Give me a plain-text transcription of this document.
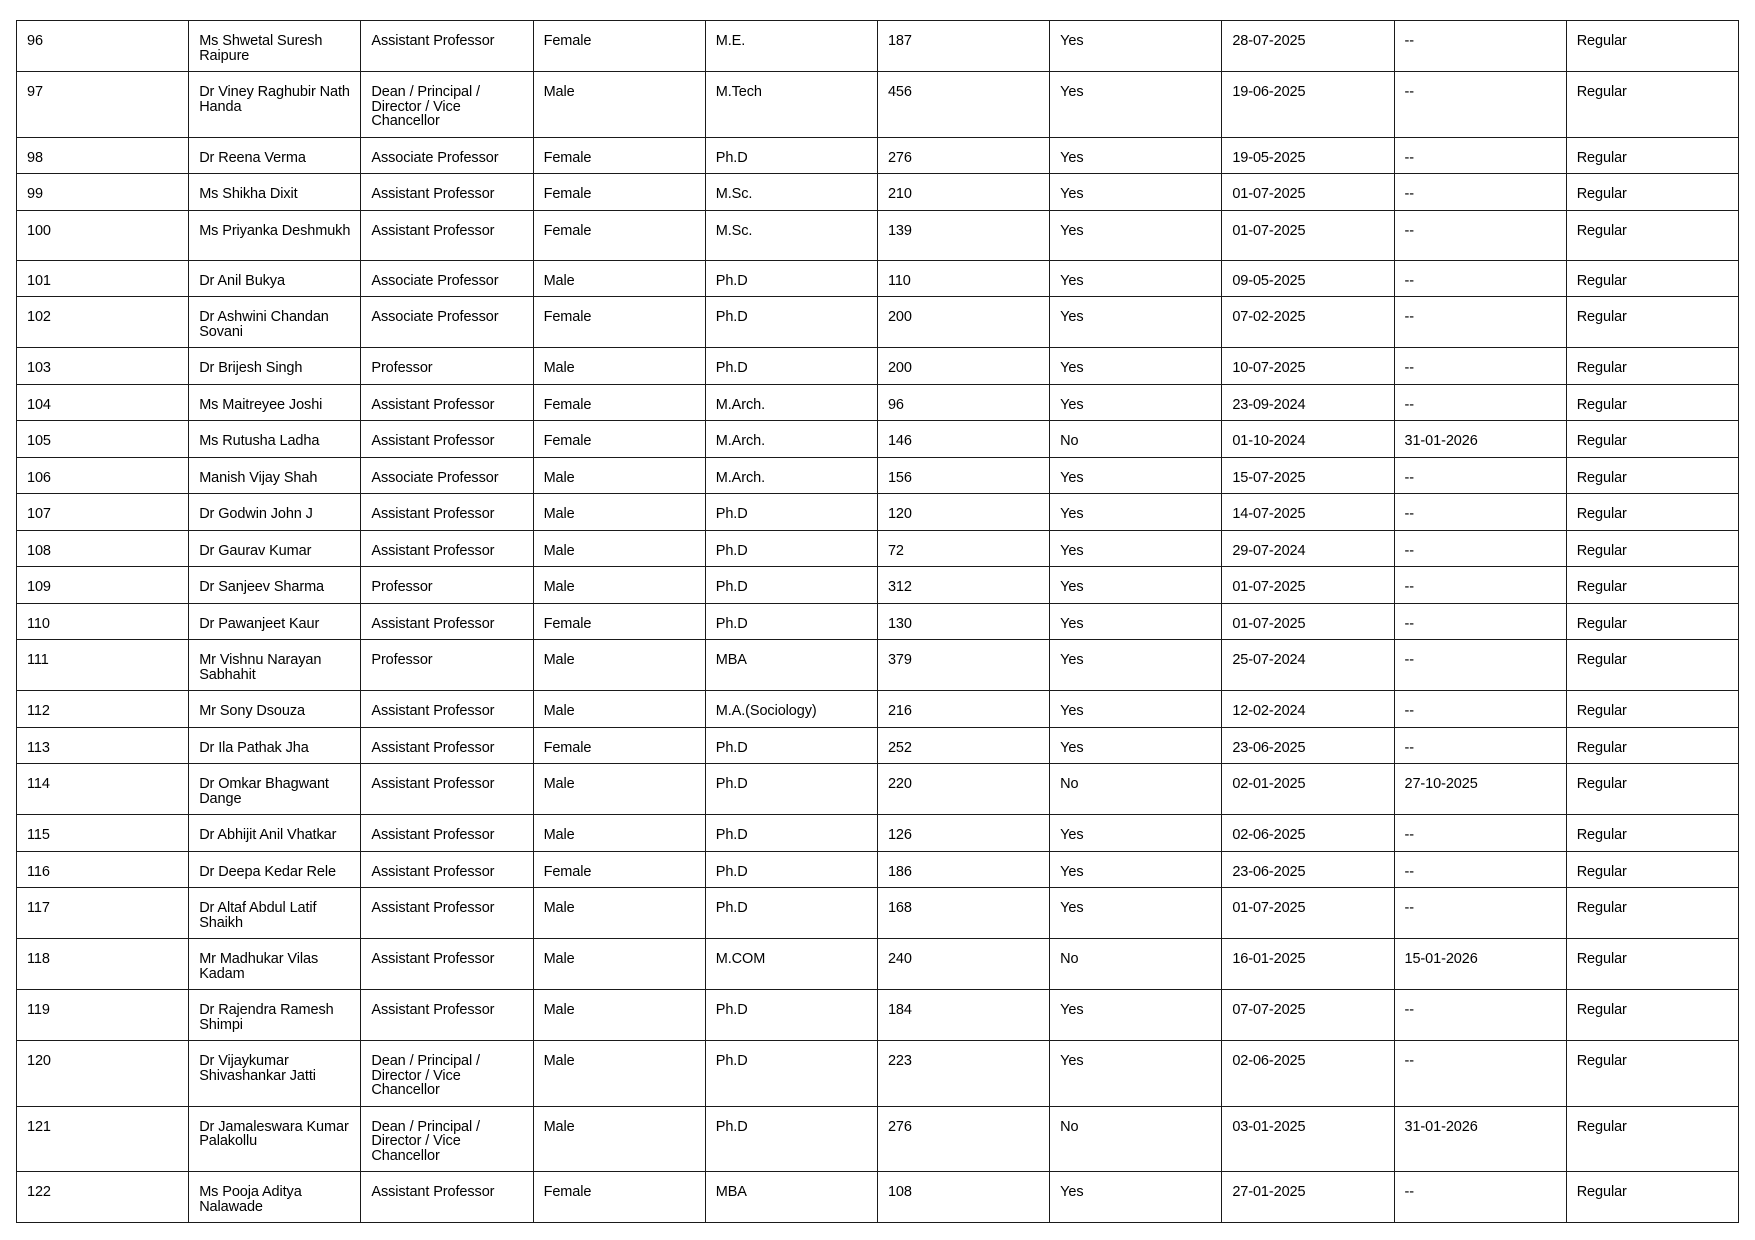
96	Ms Shwetal Suresh Raipure	Assistant Professor	Female	M.E.	187	Yes	28-07-2025	--	Regular
97	Dr Viney Raghubir Nath Handa	Dean / Principal / Director / Vice Chancellor	Male	M.Tech	456	Yes	19-06-2025	--	Regular
98	Dr Reena Verma	Associate Professor	Female	Ph.D	276	Yes	19-05-2025	--	Regular
99	Ms Shikha Dixit	Assistant Professor	Female	M.Sc.	210	Yes	01-07-2025	--	Regular
100	Ms Priyanka Deshmukh	Assistant Professor	Female	M.Sc.	139	Yes	01-07-2025	--	Regular
101	Dr Anil Bukya	Associate Professor	Male	Ph.D	110	Yes	09-05-2025	--	Regular
102	Dr Ashwini Chandan Sovani	Associate Professor	Female	Ph.D	200	Yes	07-02-2025	--	Regular
103	Dr Brijesh Singh	Professor	Male	Ph.D	200	Yes	10-07-2025	--	Regular
104	Ms Maitreyee Joshi	Assistant Professor	Female	M.Arch.	96	Yes	23-09-2024	--	Regular
105	Ms Rutusha Ladha	Assistant Professor	Female	M.Arch.	146	No	01-10-2024	31-01-2026	Regular
106	Manish Vijay Shah	Associate Professor	Male	M.Arch.	156	Yes	15-07-2025	--	Regular
107	Dr Godwin John J	Assistant Professor	Male	Ph.D	120	Yes	14-07-2025	--	Regular
108	Dr Gaurav Kumar	Assistant Professor	Male	Ph.D	72	Yes	29-07-2024	--	Regular
109	Dr Sanjeev Sharma	Professor	Male	Ph.D	312	Yes	01-07-2025	--	Regular
110	Dr Pawanjeet Kaur	Assistant Professor	Female	Ph.D	130	Yes	01-07-2025	--	Regular
111	Mr Vishnu Narayan Sabhahit	Professor	Male	MBA	379	Yes	25-07-2024	--	Regular
112	Mr Sony Dsouza	Assistant Professor	Male	M.A.(Sociology)	216	Yes	12-02-2024	--	Regular
113	Dr Ila Pathak Jha	Assistant Professor	Female	Ph.D	252	Yes	23-06-2025	--	Regular
114	Dr Omkar Bhagwant Dange	Assistant Professor	Male	Ph.D	220	No	02-01-2025	27-10-2025	Regular
115	Dr Abhijit Anil Vhatkar	Assistant Professor	Male	Ph.D	126	Yes	02-06-2025	--	Regular
116	Dr Deepa Kedar Rele	Assistant Professor	Female	Ph.D	186	Yes	23-06-2025	--	Regular
117	Dr Altaf Abdul Latif Shaikh	Assistant Professor	Male	Ph.D	168	Yes	01-07-2025	--	Regular
118	Mr Madhukar Vilas Kadam	Assistant Professor	Male	M.COM	240	No	16-01-2025	15-01-2026	Regular
119	Dr Rajendra Ramesh Shimpi	Assistant Professor	Male	Ph.D	184	Yes	07-07-2025	--	Regular
120	Dr Vijaykumar Shivashankar Jatti	Dean / Principal / Director / Vice Chancellor	Male	Ph.D	223	Yes	02-06-2025	--	Regular
121	Dr Jamaleswara Kumar Palakollu	Dean / Principal / Director / Vice Chancellor	Male	Ph.D	276	No	03-01-2025	31-01-2026	Regular
122	Ms Pooja Aditya Nalawade	Assistant Professor	Female	MBA	108	Yes	27-01-2025	--	Regular
